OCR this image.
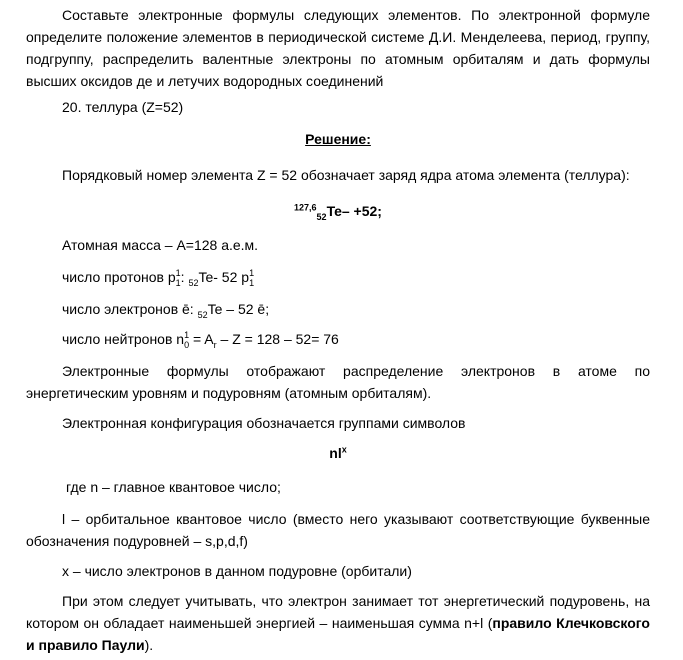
Составьте электронные формулы следующих элементов. По электронной формуле определите положение элементов в периодической системе Д.И. Менделеева, период, группу, подгруппу, распределить валентные электроны по атомным орбиталям и дать формулы высших оксидов де и летучих водородных соединений

20. теллура (Z=52)

Решение:

Порядковый номер элемента Z = 52 обозначает заряд ядра атома элемента (теллура):

$^{127,6}_{52}$Te– +52;

Атомная масса – A=128 а.е.м.

число протонов $p_1^1$: $_{52}$Te- 52 $p_1^1$

число электронов ē: $_{52}$Te – 52 ē;

число нейтронов $n_0^1 = A_r - Z = 128 - 52= 76$

Электронные формулы отображают распределение электронов в атоме по энергетическим уровням и подуровням (атомным орбиталям).

Электронная конфигурация обозначается группами символов

$nl^x$

где n – главное квантовое число;

l – орбитальное квантовое число (вместо него указывают соответствующие буквенные обозначения подуровней – s,p,d,f)

x – число электронов в данном подуровне (орбитали)

При этом следует учитывать, что электрон занимает тот энергетический подуровень, на котором он обладает наименьшей энергией – наименьшая сумма n+l (правило Клечковского и правило Паули).
